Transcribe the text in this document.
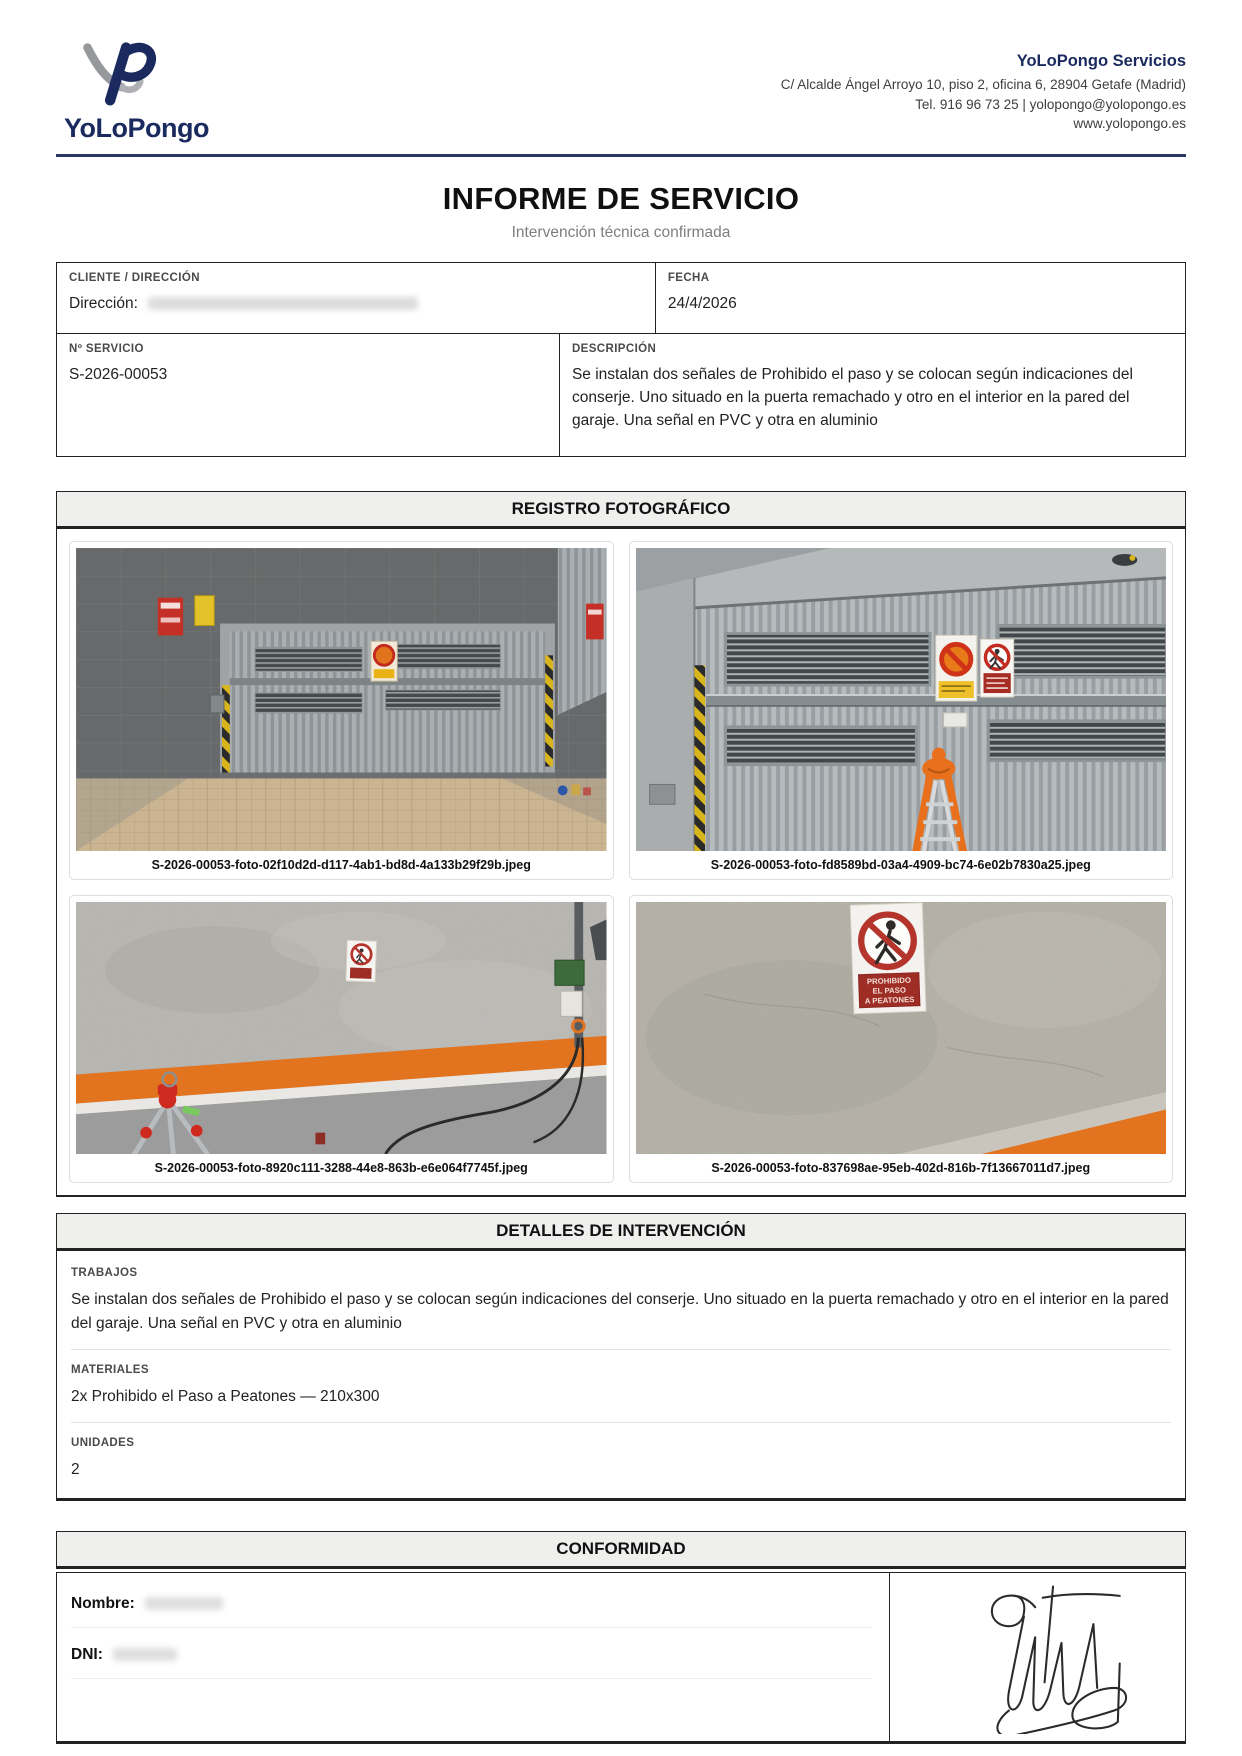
YoLoPongo
YoLoPongo Servicios
C/ Alcalde Ángel Arroyo 10, piso 2, oficina 6, 28904 Getafe (Madrid)
Tel. 916 96 73 25 | yolopongo@yolopongo.es
www.yolopongo.es
INFORME DE SERVICIO
Intervención técnica confirmada
CLIENTE / DIRECCIÓN
Dirección:
FECHA
24/4/2026
Nº SERVICIO
S-2026-00053
DESCRIPCIÓN
Se instalan dos señales de Prohibido el paso y se colocan según indicaciones del conserje. Uno situado en la puerta remachado y otro en el interior en la pared del garaje. Una señal en PVC y otra en aluminio
REGISTRO FOTOGRÁFICO
S-2026-00053-foto-02f10d2d-d117-4ab1-bd8d-4a133b29f29b.jpeg	S-2026-00053-foto-fd8589bd-03a4-4909-bc74-6e02b7830a25.jpeg
S-2026-00053-foto-8920c111-3288-44e8-863b-e6e064f7745f.jpeg
PROHIBIDO
EL PASO
A PEATONES
S-2026-00053-foto-837698ae-95eb-402d-816b-7f13667011d7.jpeg
DETALLES DE INTERVENCIÓN
TRABAJOS
Se instalan dos señales de Prohibido el paso y se colocan según indicaciones del conserje. Uno situado en la puerta remachado y otro en el interior en la pared del garaje. Una señal en PVC y otra en aluminio
MATERIALES
2x Prohibido el Paso a Peatones — 210x300
UNIDADES
2
CONFORMIDAD
Nombre:
DNI:
